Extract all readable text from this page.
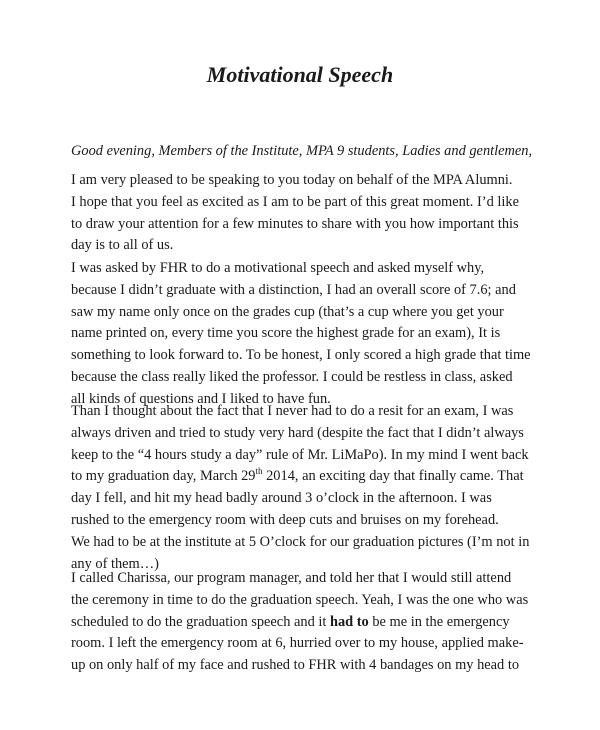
Motivational Speech

Good evening, Members of the Institute, MPA 9 students, Ladies and gentlemen,

I am very pleased to be speaking to you today on behalf of the MPA Alumni.
I hope that you feel as excited as I am to be part of this great moment. I’d like
to draw your attention for a few minutes to share with you how important this
day is to all of us.
I was asked by FHR to do a motivational speech and asked myself why,
because I didn’t graduate with a distinction, I had an overall score of 7.6; and
saw my name only once on the grades cup (that’s a cup where you get your
name printed on, every time you score the highest grade for an exam), It is
something to look forward to. To be honest, I only scored a high grade that time
because the class really liked the professor. I could be restless in class, asked
all kinds of questions and I liked to have fun.
Than I thought about the fact that I never had to do a resit for an exam, I was
always driven and tried to study very hard (despite the fact that I didn’t always
keep to the “4 hours study a day” rule of Mr. LiMaPo). In my mind I went back
to my graduation day, March 29th 2014, an exciting day that finally came. That
day I fell, and hit my head badly around 3 o’clock in the afternoon. I was
rushed to the emergency room with deep cuts and bruises on my forehead.
We had to be at the institute at 5 O’clock for our graduation pictures (I’m not in
any of them…)
I called Charissa, our program manager, and told her that I would still attend
the ceremony in time to do the graduation speech. Yeah, I was the one who was
scheduled to do the graduation speech and it had to be me in the emergency
room. I left the emergency room at 6, hurried over to my house, applied make-
up on only half of my face and rushed to FHR with 4 bandages on my head to
